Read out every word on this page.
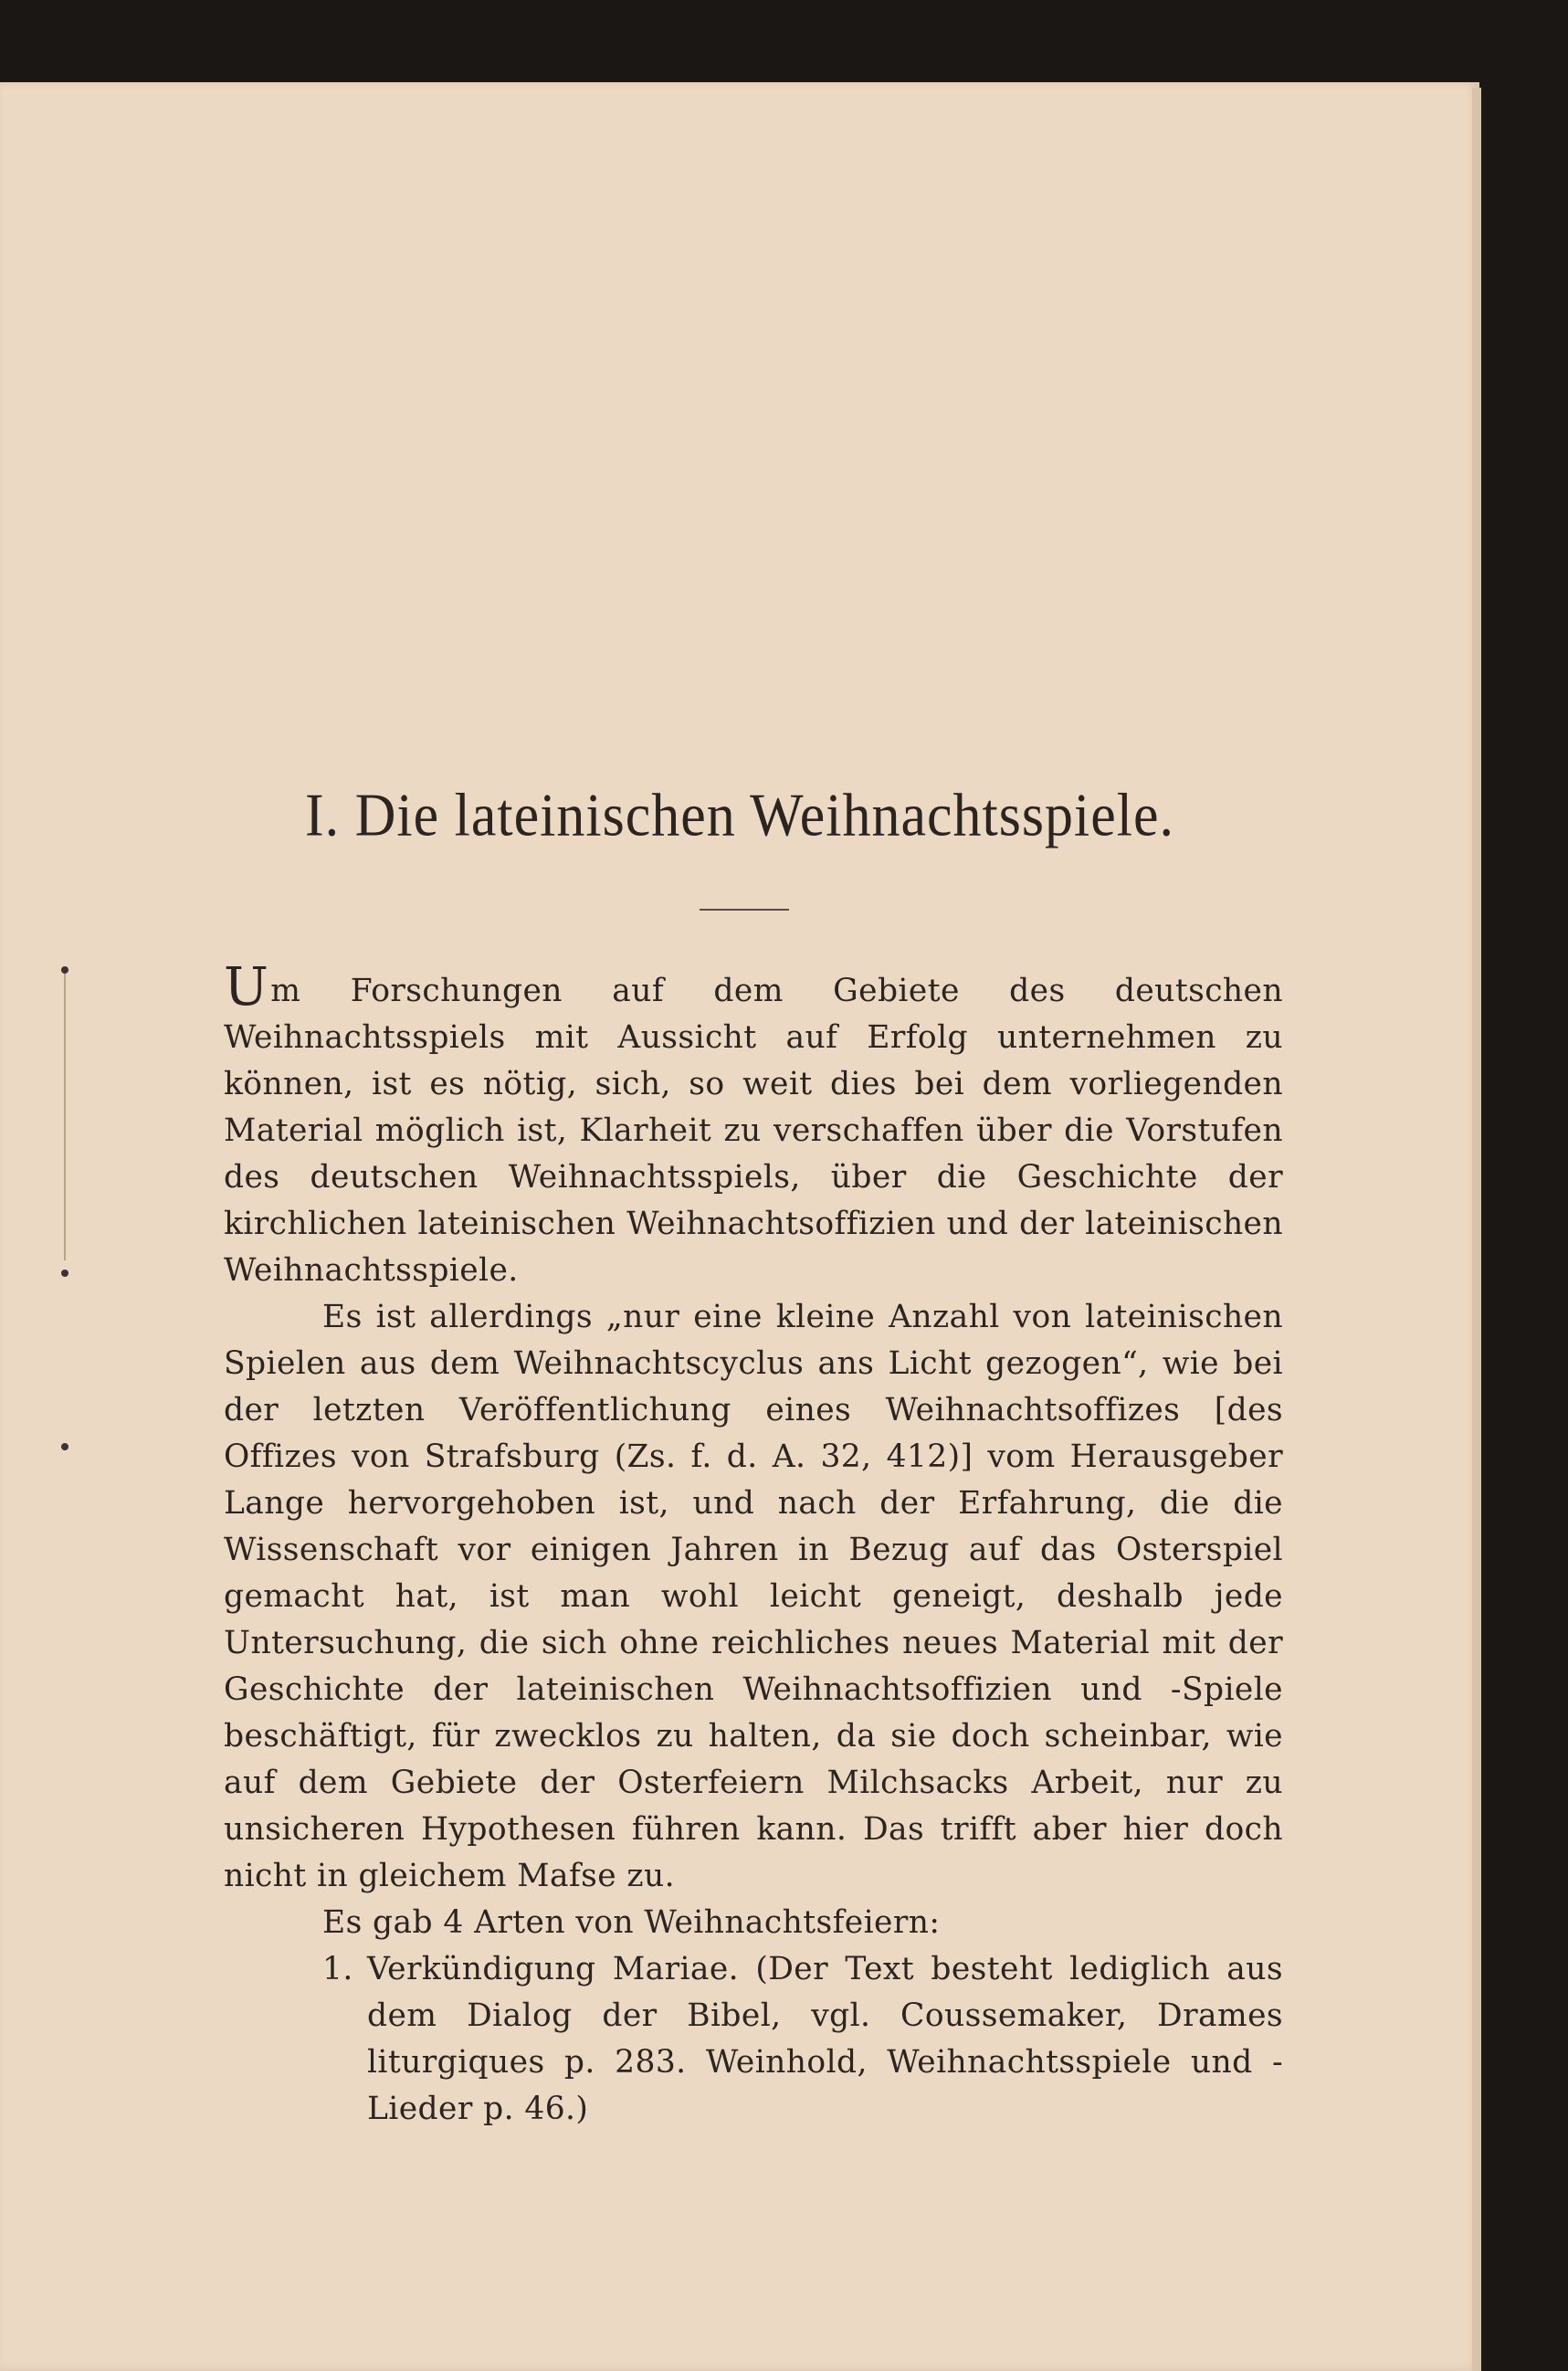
I. Die lateinischen Weihnachtsspiele.

Um Forschungen auf dem Gebiete des deutschen Weihnachtsspiels mit Aussicht auf Erfolg unternehmen zu können, ist es nötig, sich, so weit dies bei dem vorliegenden Material möglich ist, Klarheit zu verschaffen über die Vorstufen des deutschen Weihnachtsspiels, über die Geschichte der kirchlichen lateinischen Weihnachtsoffizien und der lateinischen Weihnachtsspiele.

Es ist allerdings „nur eine kleine Anzahl von lateinischen Spielen aus dem Weihnachtscyclus ans Licht gezogen“, wie bei der letzten Veröffentlichung eines Weihnachtsoffizes [des Offizes von Strafsburg (Zs. f. d. A. 32, 412)] vom Herausgeber Lange hervorgehoben ist, und nach der Erfahrung, die die Wissenschaft vor einigen Jahren in Bezug auf das Osterspiel gemacht hat, ist man wohl leicht geneigt, deshalb jede Untersuchung, die sich ohne reichliches neues Material mit der Geschichte der lateinischen Weihnachtsoffizien und -Spiele beschäftigt, für zwecklos zu halten, da sie doch scheinbar, wie auf dem Gebiete der Osterfeiern Milchsacks Arbeit, nur zu unsicheren Hypothesen führen kann. Das trifft aber hier doch nicht in gleichem Mafse zu.

Es gab 4 Arten von Weihnachtsfeiern:

1. Verkündigung Mariae. (Der Text besteht lediglich aus dem Dialog der Bibel, vgl. Coussemaker, Drames liturgiques p. 283. Weinhold, Weihnachtsspiele und -Lieder p. 46.)
